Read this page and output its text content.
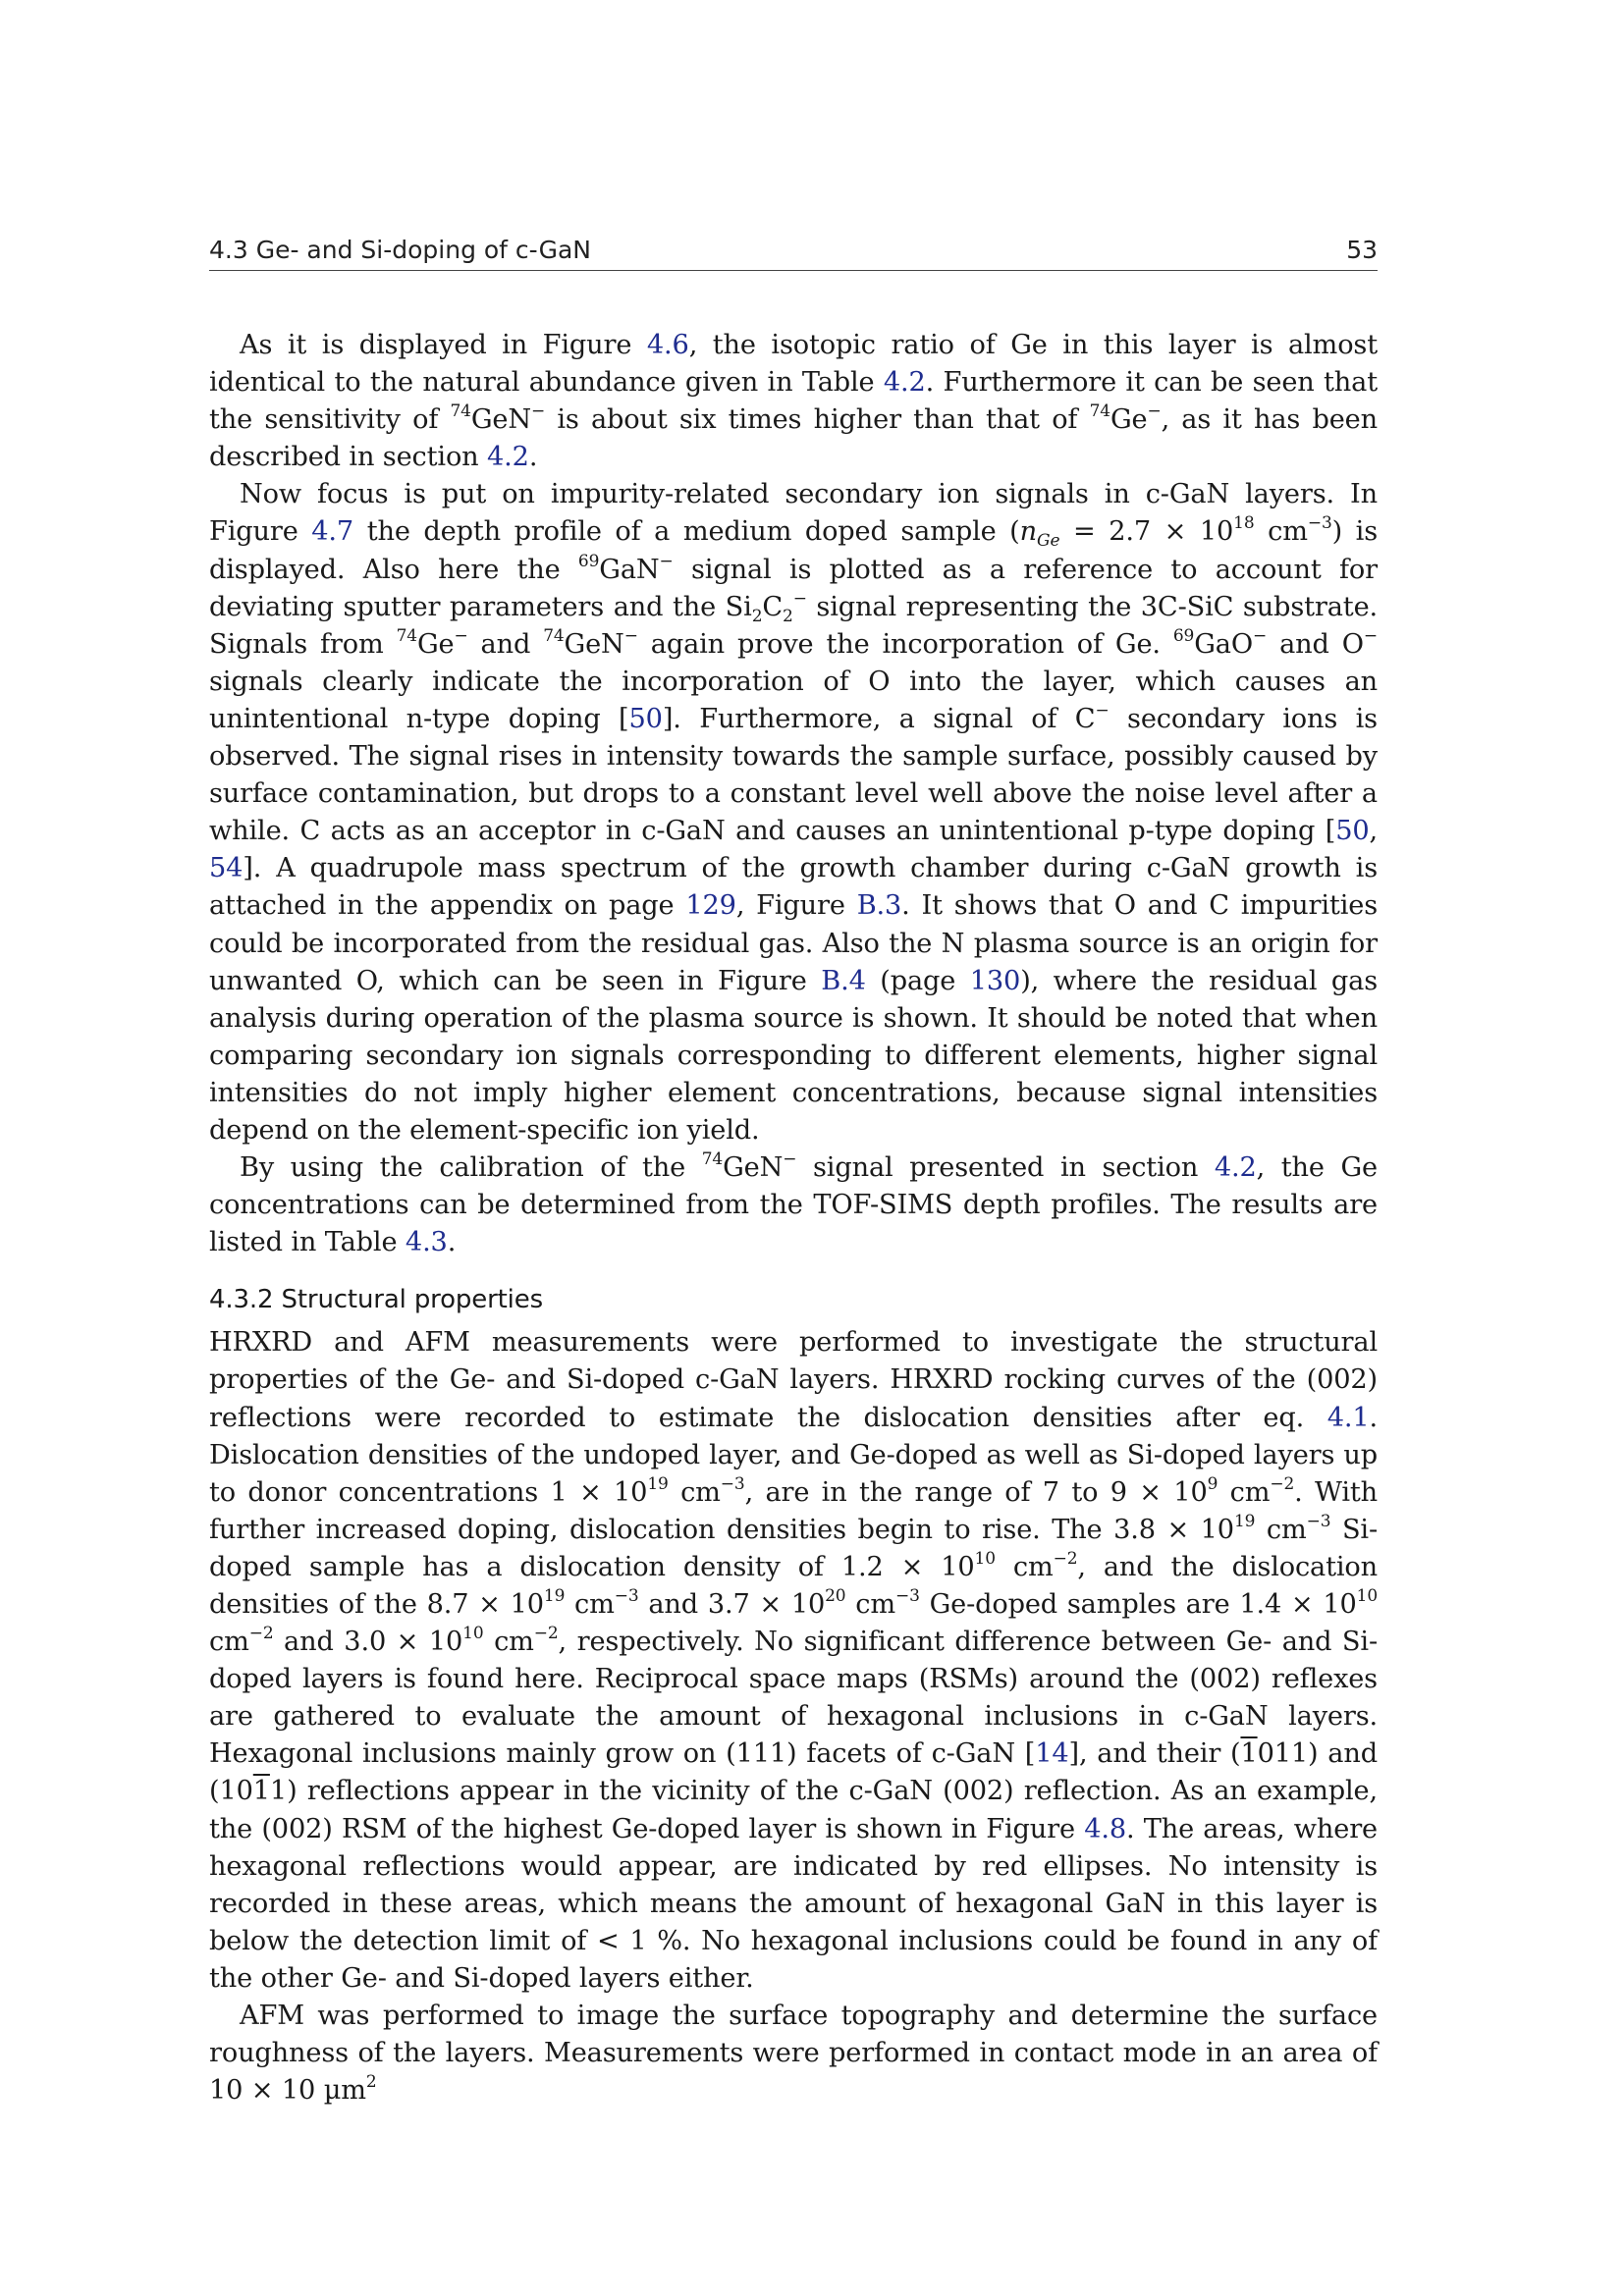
4.3 Ge- and Si-doping of c-GaN	53

As it is displayed in Figure 4.6, the isotopic ratio of Ge in this layer is almost identical to the natural abundance given in Table 4.2. Furthermore it can be seen that the sensitivity of $^{74}$GeN− is about six times higher than that of $^{74}$Ge−, as it has been described in section 4.2.

Now focus is put on impurity-related secondary ion signals in c-GaN layers. In Figure 4.7 the depth profile of a medium doped sample ($n_{Ge} = 2.7 \times 10^{18}$ $cm^{-3}$) is displayed. Also here the $^{69}$GaN− signal is plotted as a reference to account for deviating sputter parameters and the $Si_2C_2^-$ signal representing the 3C-SiC substrate. Signals from $^{74}$Ge− and $^{74}$GeN− again prove the incorporation of Ge. $^{69}$GaO− and O− signals clearly indicate the incorporation of O into the layer, which causes an unintentional n-type doping [50]. Furthermore, a signal of C− secondary ions is observed. The signal rises in intensity towards the sample surface, possibly caused by surface contamination, but drops to a constant level well above the noise level after a while. C acts as an acceptor in c-GaN and causes an unintentional p-type doping [50, 54]. A quadrupole mass spectrum of the growth chamber during c-GaN growth is attached in the appendix on page 129, Figure B.3. It shows that O and C impurities could be incorporated from the residual gas. Also the N plasma source is an origin for unwanted O, which can be seen in Figure B.4 (page 130), where the residual gas analysis during operation of the plasma source is shown. It should be noted that when comparing secondary ion signals corresponding to different elements, higher signal intensities do not imply higher element concentrations, because signal intensities depend on the element-specific ion yield.

By using the calibration of the $^{74}$GeN− signal presented in section 4.2, the Ge concentrations can be determined from the TOF-SIMS depth profiles. The results are listed in Table 4.3.

4.3.2 Structural properties

HRXRD and AFM measurements were performed to investigate the structural properties of the Ge- and Si-doped c-GaN layers. HRXRD rocking curves of the (002) reflections were recorded to estimate the dislocation densities after eq. 4.1. Dislocation densities of the undoped layer, and Ge-doped as well as Si-doped layers up to donor concentrations $1 \times 10^{19}$ $cm^{-3}$, are in the range of 7 to $9 \times 10^9$ $cm^{-2}$. With further increased doping, dislocation densities begin to rise. The $3.8 \times 10^{19}$ $cm^{-3}$ Si-doped sample has a dislocation density of $1.2 \times 10^{10}$ $cm^{-2}$, and the dislocation densities of the $8.7 \times 10^{19}$ $cm^{-3}$ and $3.7 \times 10^{20}$ $cm^{-3}$ Ge-doped samples are $1.4 \times 10^{10}$ $cm^{-2}$ and $3.0 \times 10^{10}$ $cm^{-2}$, respectively. No significant difference between Ge- and Si-doped layers is found here. Reciprocal space maps (RSMs) around the (002) reflexes are gathered to evaluate the amount of hexagonal inclusions in c-GaN layers. Hexagonal inclusions mainly grow on (111) facets of c-GaN [14], and their (1011) and (1011) reflections appear in the vicinity of the c-GaN (002) reflection. As an example, the (002) RSM of the highest Ge-doped layer is shown in Figure 4.8. The areas, where hexagonal reflections would appear, are indicated by red ellipses. No intensity is recorded in these areas, which means the amount of hexagonal GaN in this layer is below the detection limit of < 1 %. No hexagonal inclusions could be found in any of the other Ge- and Si-doped layers either.

AFM was performed to image the surface topography and determine the surface roughness of the layers. Measurements were performed in contact mode in an area of 10 × 10 µm$^2$
